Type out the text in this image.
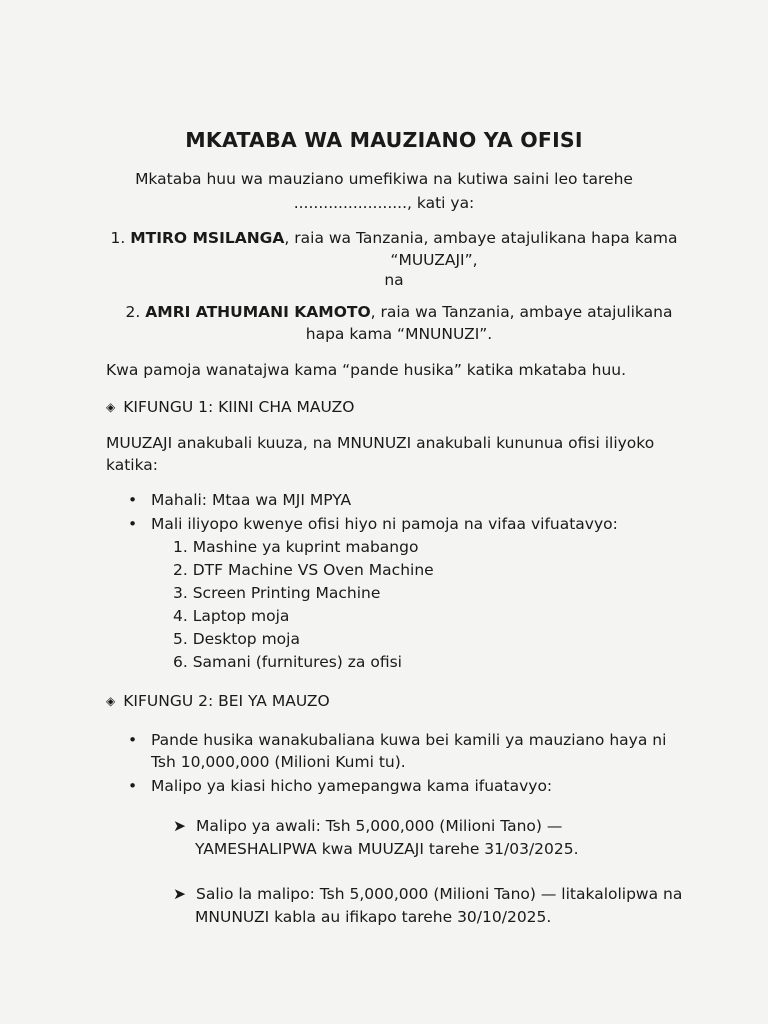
MKATABA WA MAUZIANO YA OFISI
Mkataba huu wa mauziano umefikiwa na kutiwa saini leo tarehe
......................., kati ya:
1. MTIRO MSILANGA, raia wa Tanzania, ambaye atajulikana hapa kama
“MUUZAJI”,
na
2. AMRI ATHUMANI KAMOTO, raia wa Tanzania, ambaye atajulikana
hapa kama “MNUNUZI”.
Kwa pamoja wanatajwa kama “pande husika” katika mkataba huu.
◈ KIFUNGU 1: KIINI CHA MAUZO
MUUZAJI anakubali kuuza, na MNUNUZI anakubali kununua ofisi iliyoko
katika:
• Mahali: Mtaa wa MJI MPYA
• Mali iliyopo kwenye ofisi hiyo ni pamoja na vifaa vifuatavyo:
1. Mashine ya kuprint mabango
2. DTF Machine VS Oven Machine
3. Screen Printing Machine
4. Laptop moja
5. Desktop moja
6. Samani (furnitures) za ofisi
◈ KIFUNGU 2: BEI YA MAUZO
• Pande husika wanakubaliana kuwa bei kamili ya mauziano haya ni
Tsh 10,000,000 (Milioni Kumi tu).
• Malipo ya kiasi hicho yamepangwa kama ifuatavyo:
➤ Malipo ya awali: Tsh 5,000,000 (Milioni Tano) —
YAMESHALIPWA kwa MUUZAJI tarehe 31/03/2025.
➤ Salio la malipo: Tsh 5,000,000 (Milioni Tano) — litakalolipwa na
MNUNUZI kabla au ifikapo tarehe 30/10/2025.
